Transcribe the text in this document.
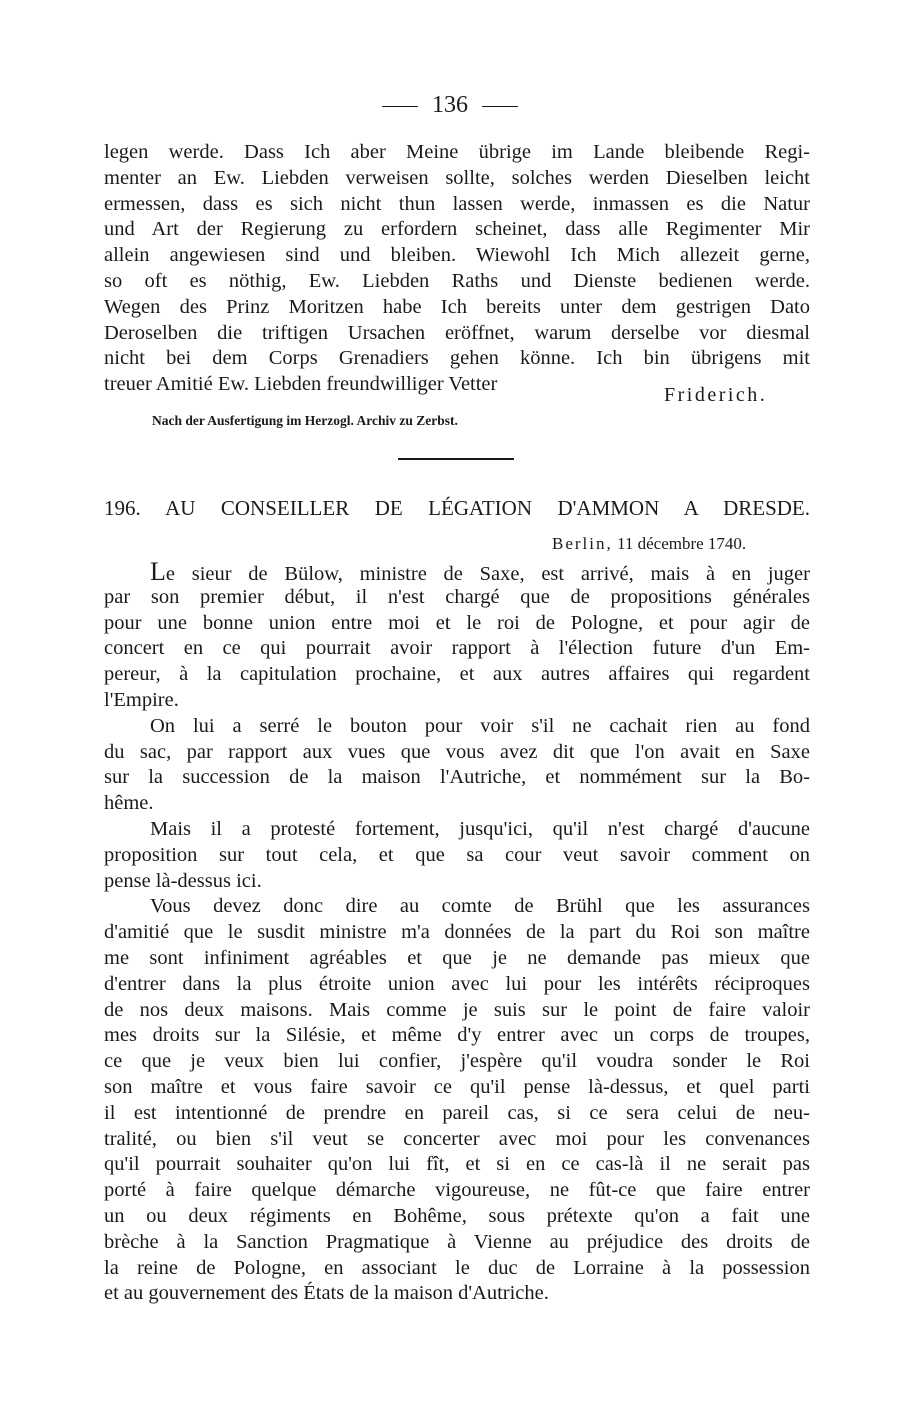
136
legen werde. Dass Ich aber Meine übrige im Lande bleibende Regi-
menter an Ew. Liebden verweisen sollte, solches werden Dieselben leicht
ermessen, dass es sich nicht thun lassen werde, inmassen es die Natur
und Art der Regierung zu erfordern scheinet, dass alle Regimenter Mir
allein angewiesen sind und bleiben. Wiewohl Ich Mich allezeit gerne,
so oft es nöthig, Ew. Liebden Raths und Dienste bedienen werde.
Wegen des Prinz Moritzen habe Ich bereits unter dem gestrigen Dato
Deroselben die triftigen Ursachen eröffnet, warum derselbe vor diesmal
nicht bei dem Corps Grenadiers gehen könne. Ich bin übrigens mit
treuer Amitié Ew. Liebden freundwilliger Vetter	Friderich.
Nach der Ausfertigung im Herzogl. Archiv zu Zerbst.
196. AU CONSEILLER DE LÉGATION D'AMMON A DRESDE.
Berlin, 11 décembre 1740.
Le sieur de Bülow, ministre de Saxe, est arrivé, mais à en juger
par son premier début, il n'est chargé que de propositions générales
pour une bonne union entre moi et le roi de Pologne, et pour agir de
concert en ce qui pourrait avoir rapport à l'élection future d'un Em-
pereur, à la capitulation prochaine, et aux autres affaires qui regardent
l'Empire.
On lui a serré le bouton pour voir s'il ne cachait rien au fond
du sac, par rapport aux vues que vous avez dit que l'on avait en Saxe
sur la succession de la maison l'Autriche, et nommément sur la Bo-
hême.
Mais il a protesté fortement, jusqu'ici, qu'il n'est chargé d'aucune
proposition sur tout cela, et que sa cour veut savoir comment on
pense là-dessus ici.
Vous devez donc dire au comte de Brühl que les assurances
d'amitié que le susdit ministre m'a données de la part du Roi son maître
me sont infiniment agréables et que je ne demande pas mieux que
d'entrer dans la plus étroite union avec lui pour les intérêts réciproques
de nos deux maisons. Mais comme je suis sur le point de faire valoir
mes droits sur la Silésie, et même d'y entrer avec un corps de troupes,
ce que je veux bien lui confier, j'espère qu'il voudra sonder le Roi
son maître et vous faire savoir ce qu'il pense là-dessus, et quel parti
il est intentionné de prendre en pareil cas, si ce sera celui de neu-
tralité, ou bien s'il veut se concerter avec moi pour les convenances
qu'il pourrait souhaiter qu'on lui fît, et si en ce cas-là il ne serait pas
porté à faire quelque démarche vigoureuse, ne fût-ce que faire entrer
un ou deux régiments en Bohême, sous prétexte qu'on a fait une
brèche à la Sanction Pragmatique à Vienne au préjudice des droits de
la reine de Pologne, en associant le duc de Lorraine à la possession
et au gouvernement des États de la maison d'Autriche.
